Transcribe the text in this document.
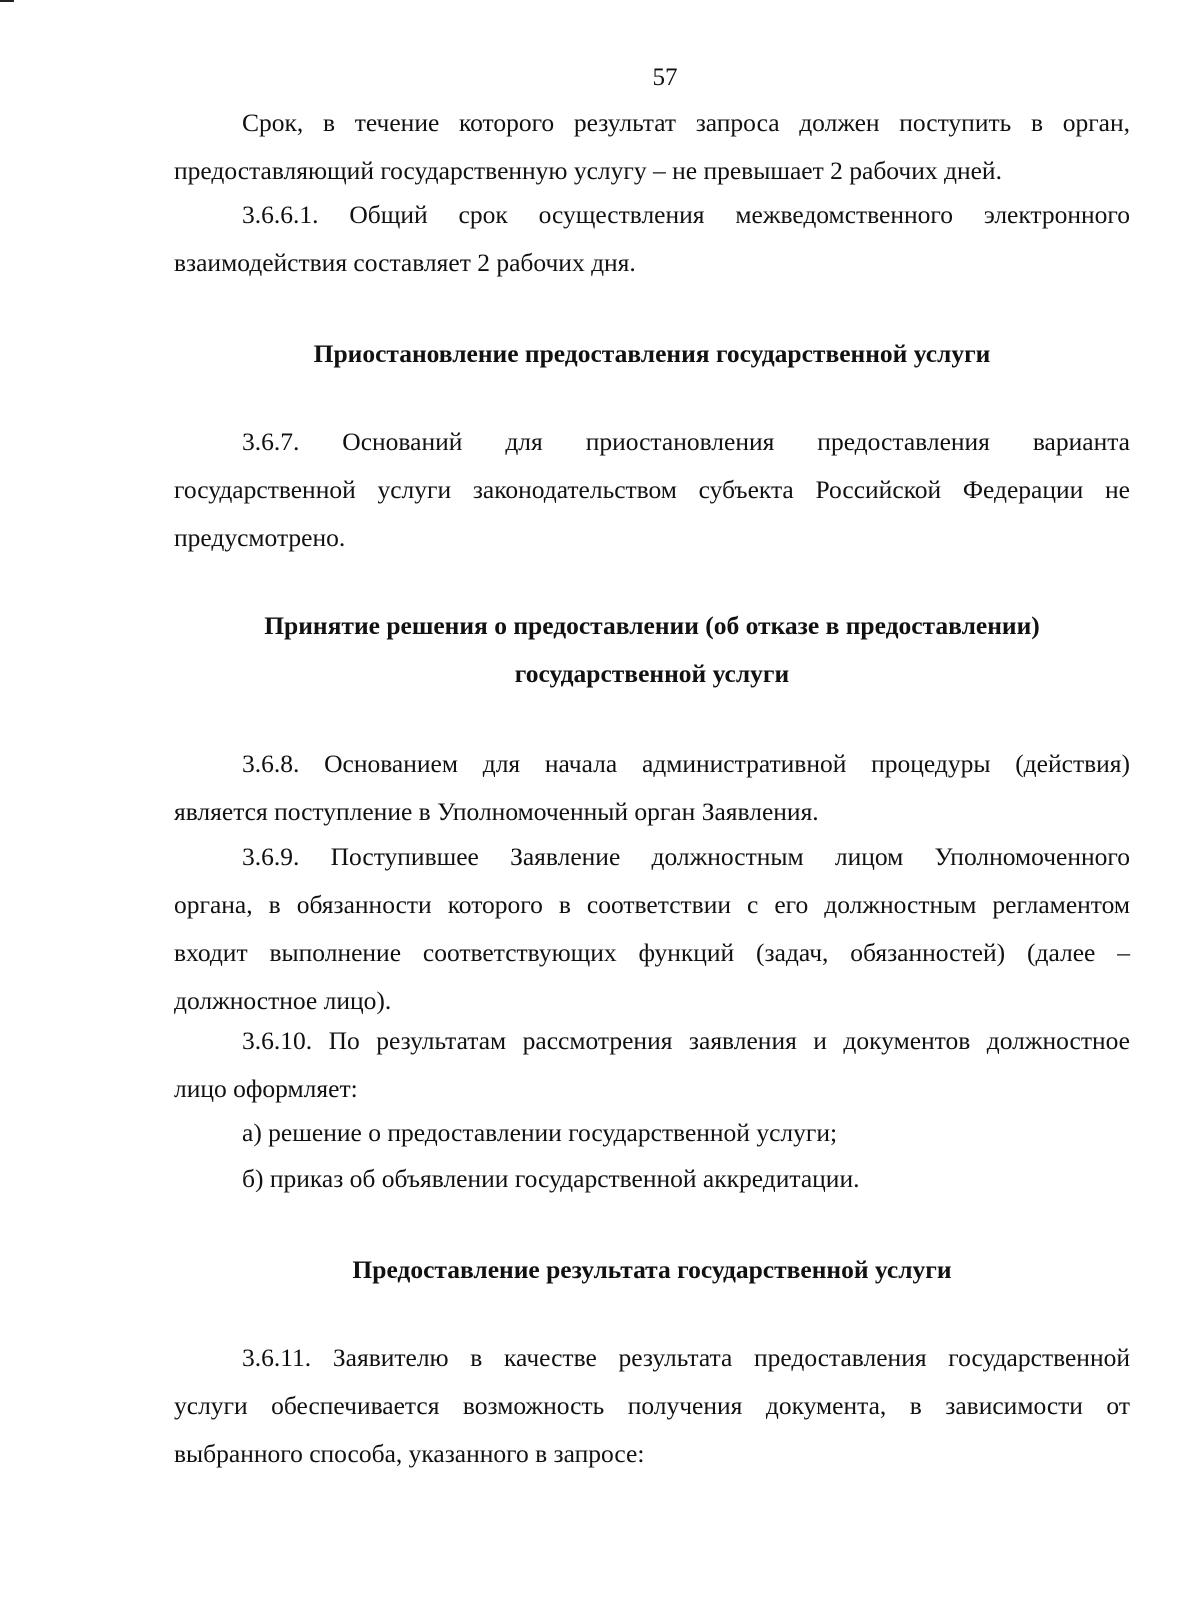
57

Срок, в течение которого результат запроса должен поступить в орган,
предоставляющий государственную услугу – не превышает 2 рабочих дней.

3.6.6.1. Общий срок осуществления межведомственного электронного
взаимодействия составляет 2 рабочих дня.

Приостановление предоставления государственной услуги

3.6.7. Оснований для приостановления предоставления варианта
государственной услуги законодательством субъекта Российской Федерации не
предусмотрено.

Принятие решения о предоставлении (об отказе в предоставлении)
государственной услуги

3.6.8. Основанием для начала административной процедуры (действия)
является поступление в Уполномоченный орган Заявления.

3.6.9. Поступившее Заявление должностным лицом Уполномоченного
органа, в обязанности которого в соответствии с его должностным регламентом
входит выполнение соответствующих функций (задач, обязанностей) (далее –
должностное лицо).

3.6.10. По результатам рассмотрения заявления и документов должностное
лицо оформляет:

а) решение о предоставлении государственной услуги;

б) приказ об объявлении государственной аккредитации.

Предоставление результата государственной услуги

3.6.11. Заявителю в качестве результата предоставления государственной
услуги обеспечивается возможность получения документа, в зависимости от
выбранного способа, указанного в запросе:
